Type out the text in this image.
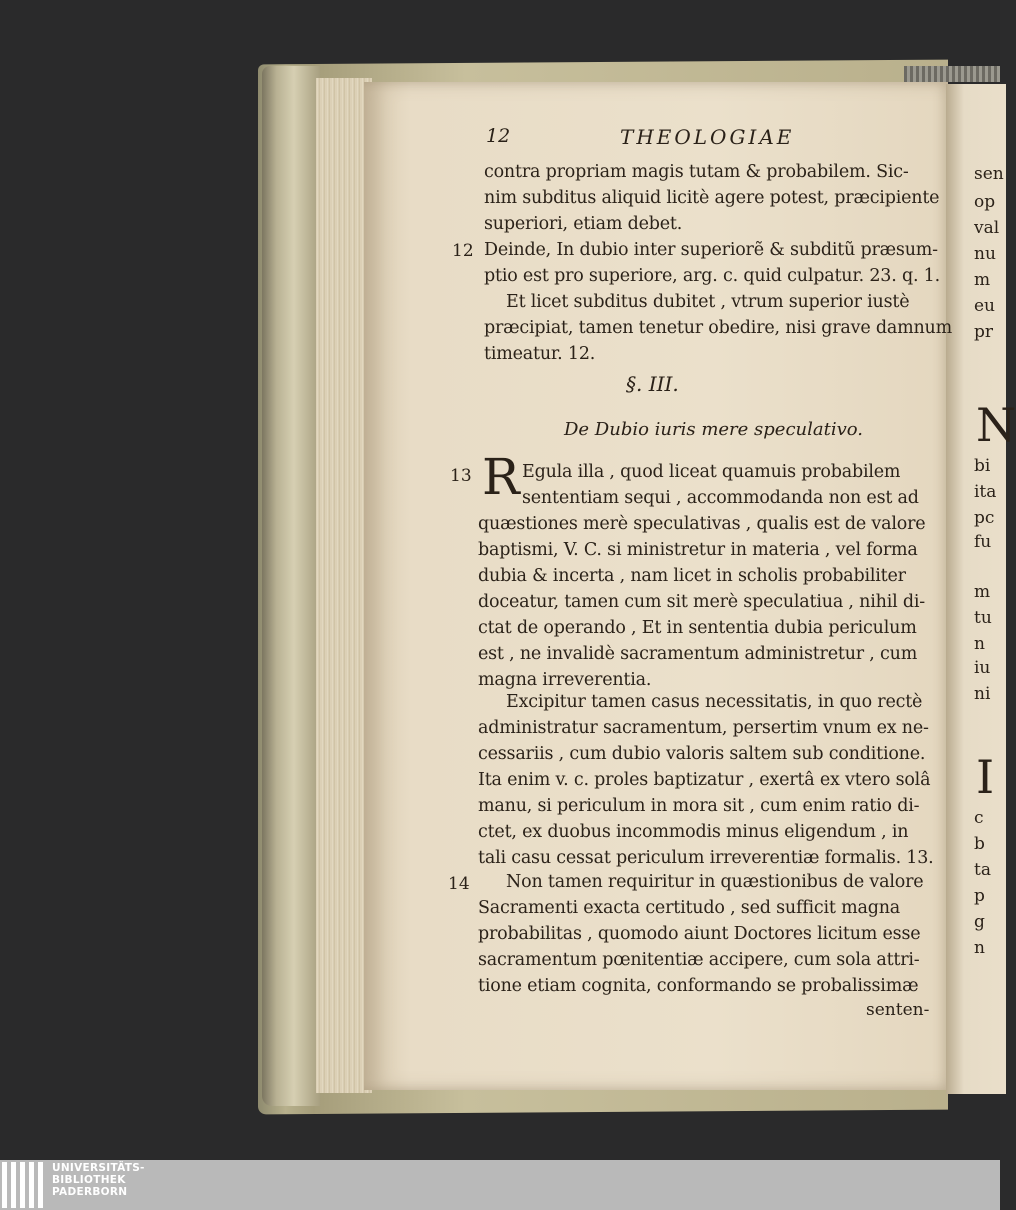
12	THEOLOGIAE
contra propriam magis tutam & probabilem. Sic-
nim subditus aliquid licitè agere potest, præcipiente
superiori, etiam debet.
12 Deinde, In dubio inter superiorẽ & subditũ præsum-
ptio est pro superiore, arg. c. quid culpatur. 23. q. 1.
Et licet subditus dubitet , vtrum superior iustè
præcipiat, tamen tenetur obedire, nisi grave damnum
timeatur. 12.
§. III.
De Dubio iuris mere speculativo.
13 R Egula illa , quod liceat quamuis probabilem
sententiam sequi , accommodanda non est ad
quæstiones merè speculativas , qualis est de valore
baptismi, V. C. si ministretur in materia , vel forma
dubia & incerta , nam licet in scholis probabiliter
doceatur, tamen cum sit merè speculatiua , nihil di-
ctat de operando , Et in sententia dubia periculum
est , ne invalidè sacramentum administretur , cum
magna irreverentia.
Excipitur tamen casus necessitatis, in quo rectè
administratur sacramentum, persertim vnum ex ne-
cessariis , cum dubio valoris saltem sub conditione.
Ita enim v. c. proles baptizatur , exertâ ex vtero solâ
manu, si periculum in mora sit , cum enim ratio di-
ctet, ex duobus incommodis minus eligendum , in
tali casu cessat periculum irreverentiæ formalis. 13.
14 Non tamen requiritur in quæstionibus de valore
Sacramenti exacta certitudo , sed sufficit magna
probabilitas , quomodo aiunt Doctores licitum esse
sacramentum pœnitentiæ accipere, cum sola attri-
tione etiam cognita, conformando se probalissimæ
senten-
sen
op
val
nu
m
eu
pr
N
bi
ita
pc
fu
m
tu
n
iu
ni
I
c
b
ta
p
g
n
UNIVERSITÄTS-
BIBLIOTHEK
PADERBORN
